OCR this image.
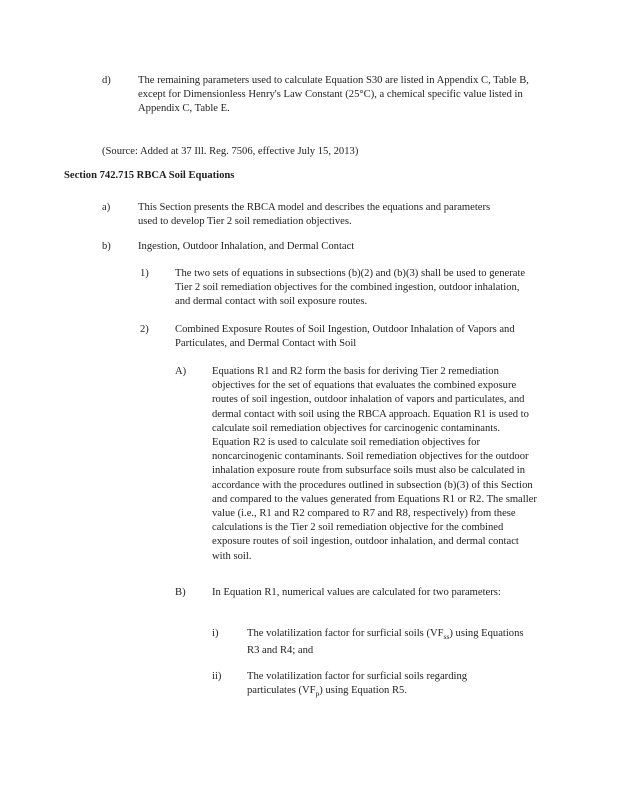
d)	The remaining parameters used to calculate Equation S30 are listed in Appendix C, Table B, except for Dimensionless Henry's Law Constant (25°C), a chemical specific value listed in Appendix C, Table E.
(Source: Added at 37 Ill. Reg. 7506, effective July 15, 2013)
Section 742.715 RBCA Soil Equations
a)	This Section presents the RBCA model and describes the equations and parameters used to develop Tier 2 soil remediation objectives.
b)	Ingestion, Outdoor Inhalation, and Dermal Contact
1) The two sets of equations in subsections (b)(2) and (b)(3) shall be used to generate Tier 2 soil remediation objectives for the combined ingestion, outdoor inhalation, and dermal contact with soil exposure routes.
2) Combined Exposure Routes of Soil Ingestion, Outdoor Inhalation of Vapors and Particulates, and Dermal Contact with Soil
A) Equations R1 and R2 form the basis for deriving Tier 2 remediation objectives for the set of equations that evaluates the combined exposure routes of soil ingestion, outdoor inhalation of vapors and particulates, and dermal contact with soil using the RBCA approach. Equation R1 is used to calculate soil remediation objectives for carcinogenic contaminants. Equation R2 is used to calculate soil remediation objectives for noncarcinogenic contaminants. Soil remediation objectives for the outdoor inhalation exposure route from subsurface soils must also be calculated in accordance with the procedures outlined in subsection (b)(3) of this Section and compared to the values generated from Equations R1 or R2. The smaller value (i.e., R1 and R2 compared to R7 and R8, respectively) from these calculations is the Tier 2 soil remediation objective for the combined exposure routes of soil ingestion, outdoor inhalation, and dermal contact with soil.
B) In Equation R1, numerical values are calculated for two parameters:
i)	The volatilization factor for surficial soils $(VF_{ss})$ using Equations R3 and R4; and
ii) The volatilization factor for surficial soils regarding particulates $(VF_p)$ using Equation R5.
